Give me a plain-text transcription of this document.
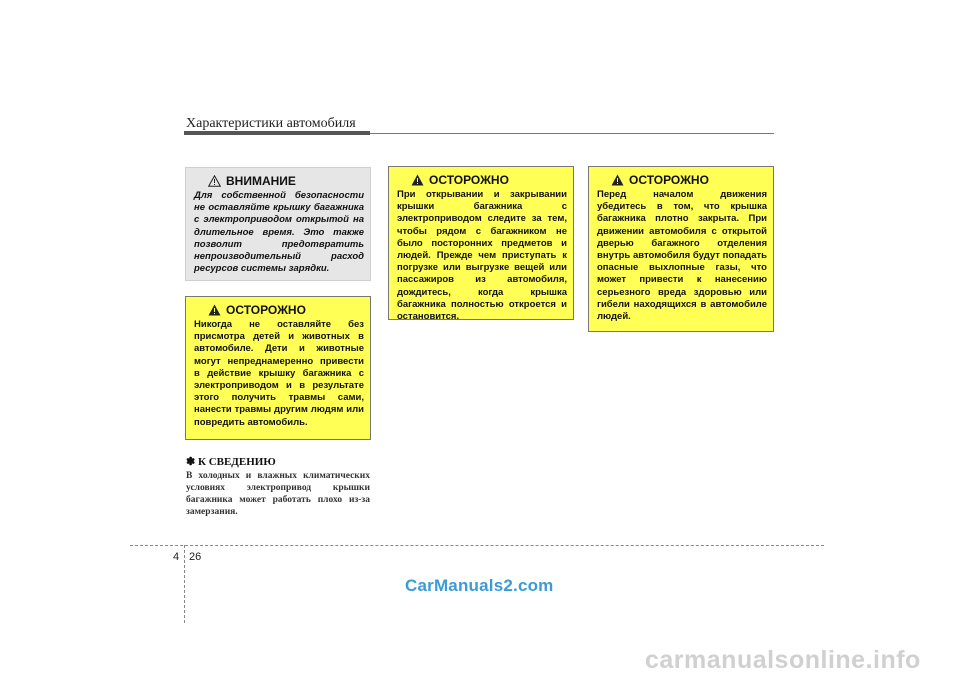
Характеристики автомобиля
ВНИМАНИЕ

Для собственной безопасности не оставляйте крышку багажника с электроприводом открытой на длительное время. Это также позволит предотвратить непроизводительный расход ресурсов системы зарядки.

ОСТОРОЖНО

Никогда не оставляйте без присмотра детей и животных в автомобиле. Дети и животные могут непреднамеренно привести в действие крышку багажника с электроприводом и в результате этого получить травмы сами, нанести травмы другим людям или повредить автомобиль.

✽ К СВЕДЕНИЮ

В холодных и влажных климатических условиях электропривод крышки багажника может работать плохо из-за замерзания.

ОСТОРОЖНО

При открывании и закрывании крышки багажника с электроприводом следите за тем, чтобы рядом с багажником не было посторонних предметов и людей. Прежде чем приступать к погрузке или выгрузке вещей или пассажиров из автомобиля, дождитесь, когда крышка багажника полностью откроется и остановится.

ОСТОРОЖНО

Перед началом движения убедитесь в том, что крышка багажника плотно закрыта. При движении автомобиля с открытой дверью багажного отделения внутрь автомобиля будут попадать опасные выхлопные газы, что может привести к нанесению серьезного вреда здоровью или гибели находящихся в автомобиле людей.

4 26
CarManuals2.com
carmanualsonline.info
